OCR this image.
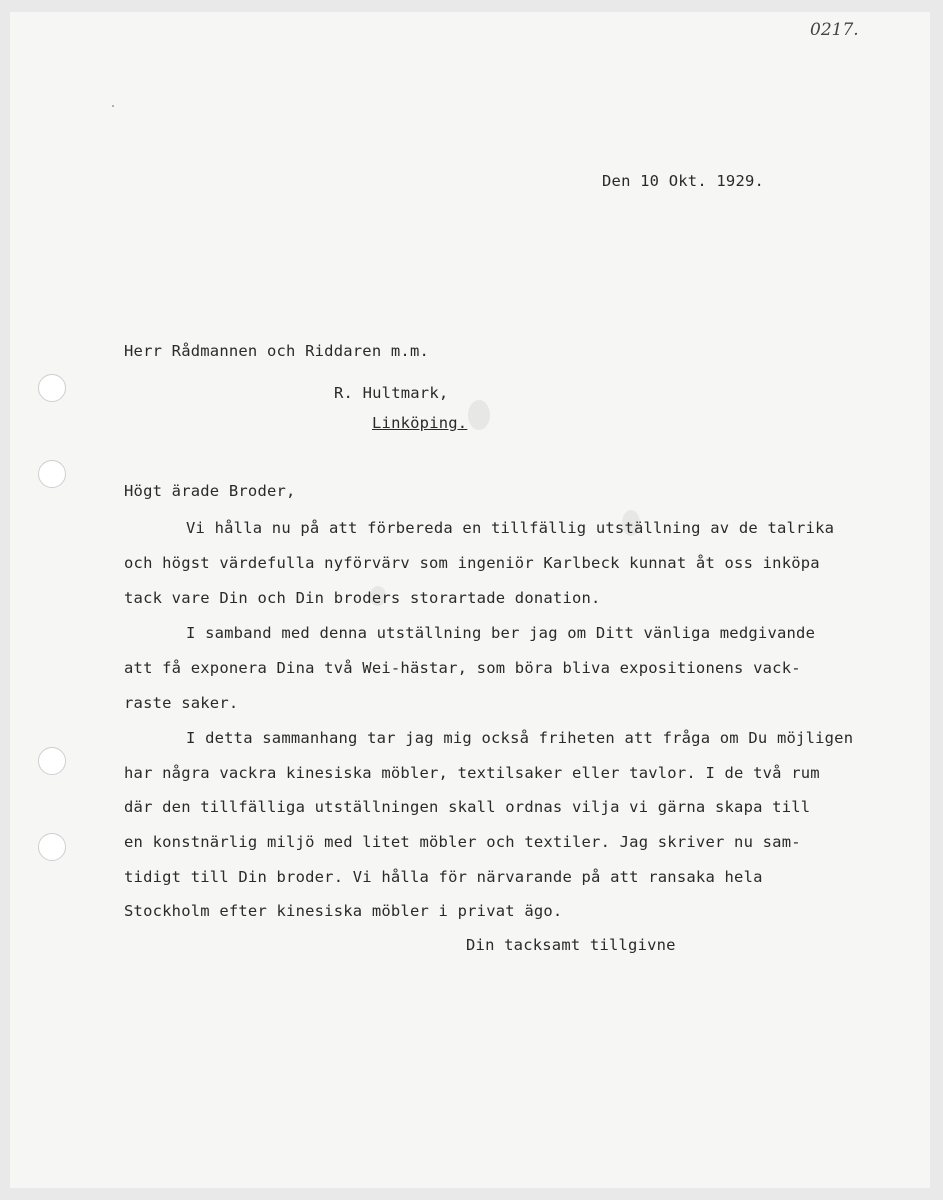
0217.
Den 10 Okt. 1929.
Herr Rådmannen och Riddaren m.m.
R. Hultmark,
Linköping.
Högt ärade Broder,
Vi hålla nu på att förbereda en tillfällig utställning av de talrika
och högst värdefulla nyförvärv som ingeniör Karlbeck kunnat åt oss inköpa
tack vare Din och Din broders storartade donation.
I samband med denna utställning ber jag om Ditt vänliga medgivande
att få exponera Dina två Wei-hästar, som böra bliva expositionens vack-
raste saker.
I detta sammanhang tar jag mig också friheten att fråga om Du möjligen
har några vackra kinesiska möbler, textilsaker eller tavlor. I de två rum
där den tillfälliga utställningen skall ordnas vilja vi gärna skapa till
en konstnärlig miljö med litet möbler och textiler. Jag skriver nu sam-
tidigt till Din broder. Vi hålla för närvarande på att ransaka hela
Stockholm efter kinesiska möbler i privat ägo.
Din tacksamt tillgivne
